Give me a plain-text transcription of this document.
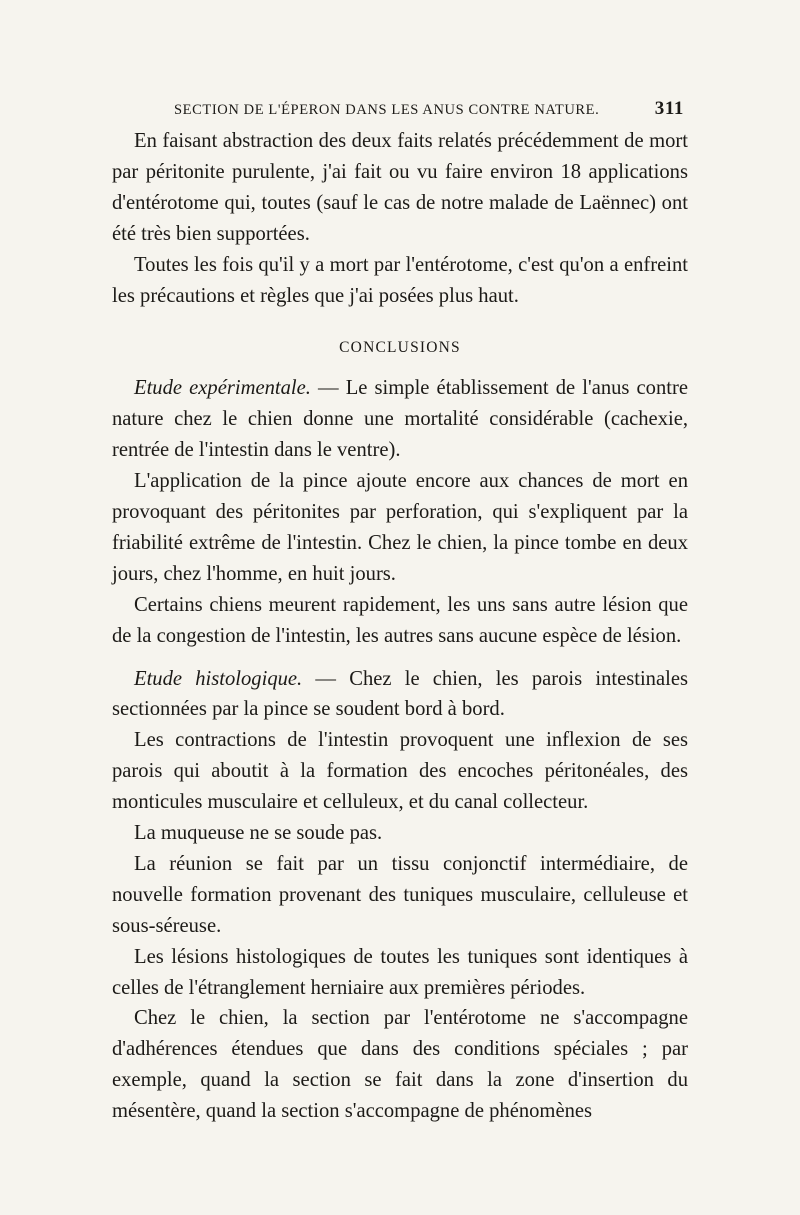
SECTION DE L'ÉPERON DANS LES ANUS CONTRE NATURE.	311

En faisant abstraction des deux faits relatés précédemment de mort par péritonite purulente, j'ai fait ou vu faire environ 18 applications d'entérotome qui, toutes (sauf le cas de notre malade de Laënnec) ont été très bien supportées.

Toutes les fois qu'il y a mort par l'entérotome, c'est qu'on a enfreint les précautions et règles que j'ai posées plus haut.

CONCLUSIONS

Etude expérimentale. — Le simple établissement de l'anus contre nature chez le chien donne une mortalité considérable (cachexie, rentrée de l'intestin dans le ventre).

L'application de la pince ajoute encore aux chances de mort en provoquant des péritonites par perforation, qui s'expliquent par la friabilité extrême de l'intestin. Chez le chien, la pince tombe en deux jours, chez l'homme, en huit jours.

Certains chiens meurent rapidement, les uns sans autre lésion que de la congestion de l'intestin, les autres sans aucune espèce de lésion.

Etude histologique. — Chez le chien, les parois intestinales sectionnées par la pince se soudent bord à bord.

Les contractions de l'intestin provoquent une inflexion de ses parois qui aboutit à la formation des encoches péritonéales, des monticules musculaire et celluleux, et du canal collecteur.

La muqueuse ne se soude pas.

La réunion se fait par un tissu conjonctif intermédiaire, de nouvelle formation provenant des tuniques musculaire, celluleuse et sous-séreuse.

Les lésions histologiques de toutes les tuniques sont identiques à celles de l'étranglement herniaire aux premières périodes.

Chez le chien, la section par l'entérotome ne s'accompagne d'adhérences étendues que dans des conditions spéciales ; par exemple, quand la section se fait dans la zone d'insertion du mésentère, quand la section s'accompagne de phénomènes
